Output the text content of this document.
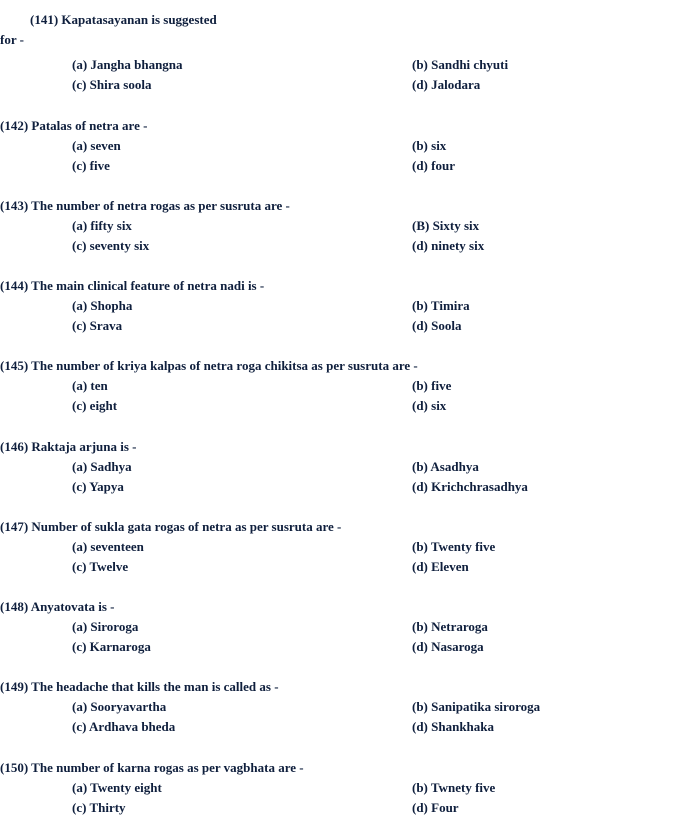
(141) Kapatasayanan is suggested
for -
(a) Jangha bhangna	(b) Sandhi chyuti
(c) Shira soola	(d) Jalodara
(142) Patalas of netra are -
(a) seven	(b) six
(c) five	(d) four
(143) The number of netra rogas as per susruta are -
(a) fifty six	(B) Sixty six
(c) seventy six	(d) ninety six
(144) The main clinical feature of netra nadi is -
(a) Shopha	(b) Timira
(c) Srava	(d) Soola
(145) The number of kriya kalpas of netra roga chikitsa as per susruta are -
(a) ten	(b) five
(c) eight	(d) six
(146) Raktaja arjuna is -
(a) Sadhya	(b) Asadhya
(c) Yapya	(d) Krichchrasadhya
(147) Number of sukla gata rogas of netra as per susruta are -
(a) seventeen	(b) Twenty five
(c) Twelve	(d) Eleven
(148) Anyatovata is -
(a) Siroroga	(b) Netraroga
(c) Karnaroga	(d) Nasaroga
(149) The headache that kills the man is called as -
(a) Sooryavartha	(b) Sanipatika siroroga
(c) Ardhava bheda	(d) Shankhaka
(150) The number of karna rogas as per vagbhata are -
(a) Twenty eight	(b) Twnety five
(c) Thirty	(d) Four
